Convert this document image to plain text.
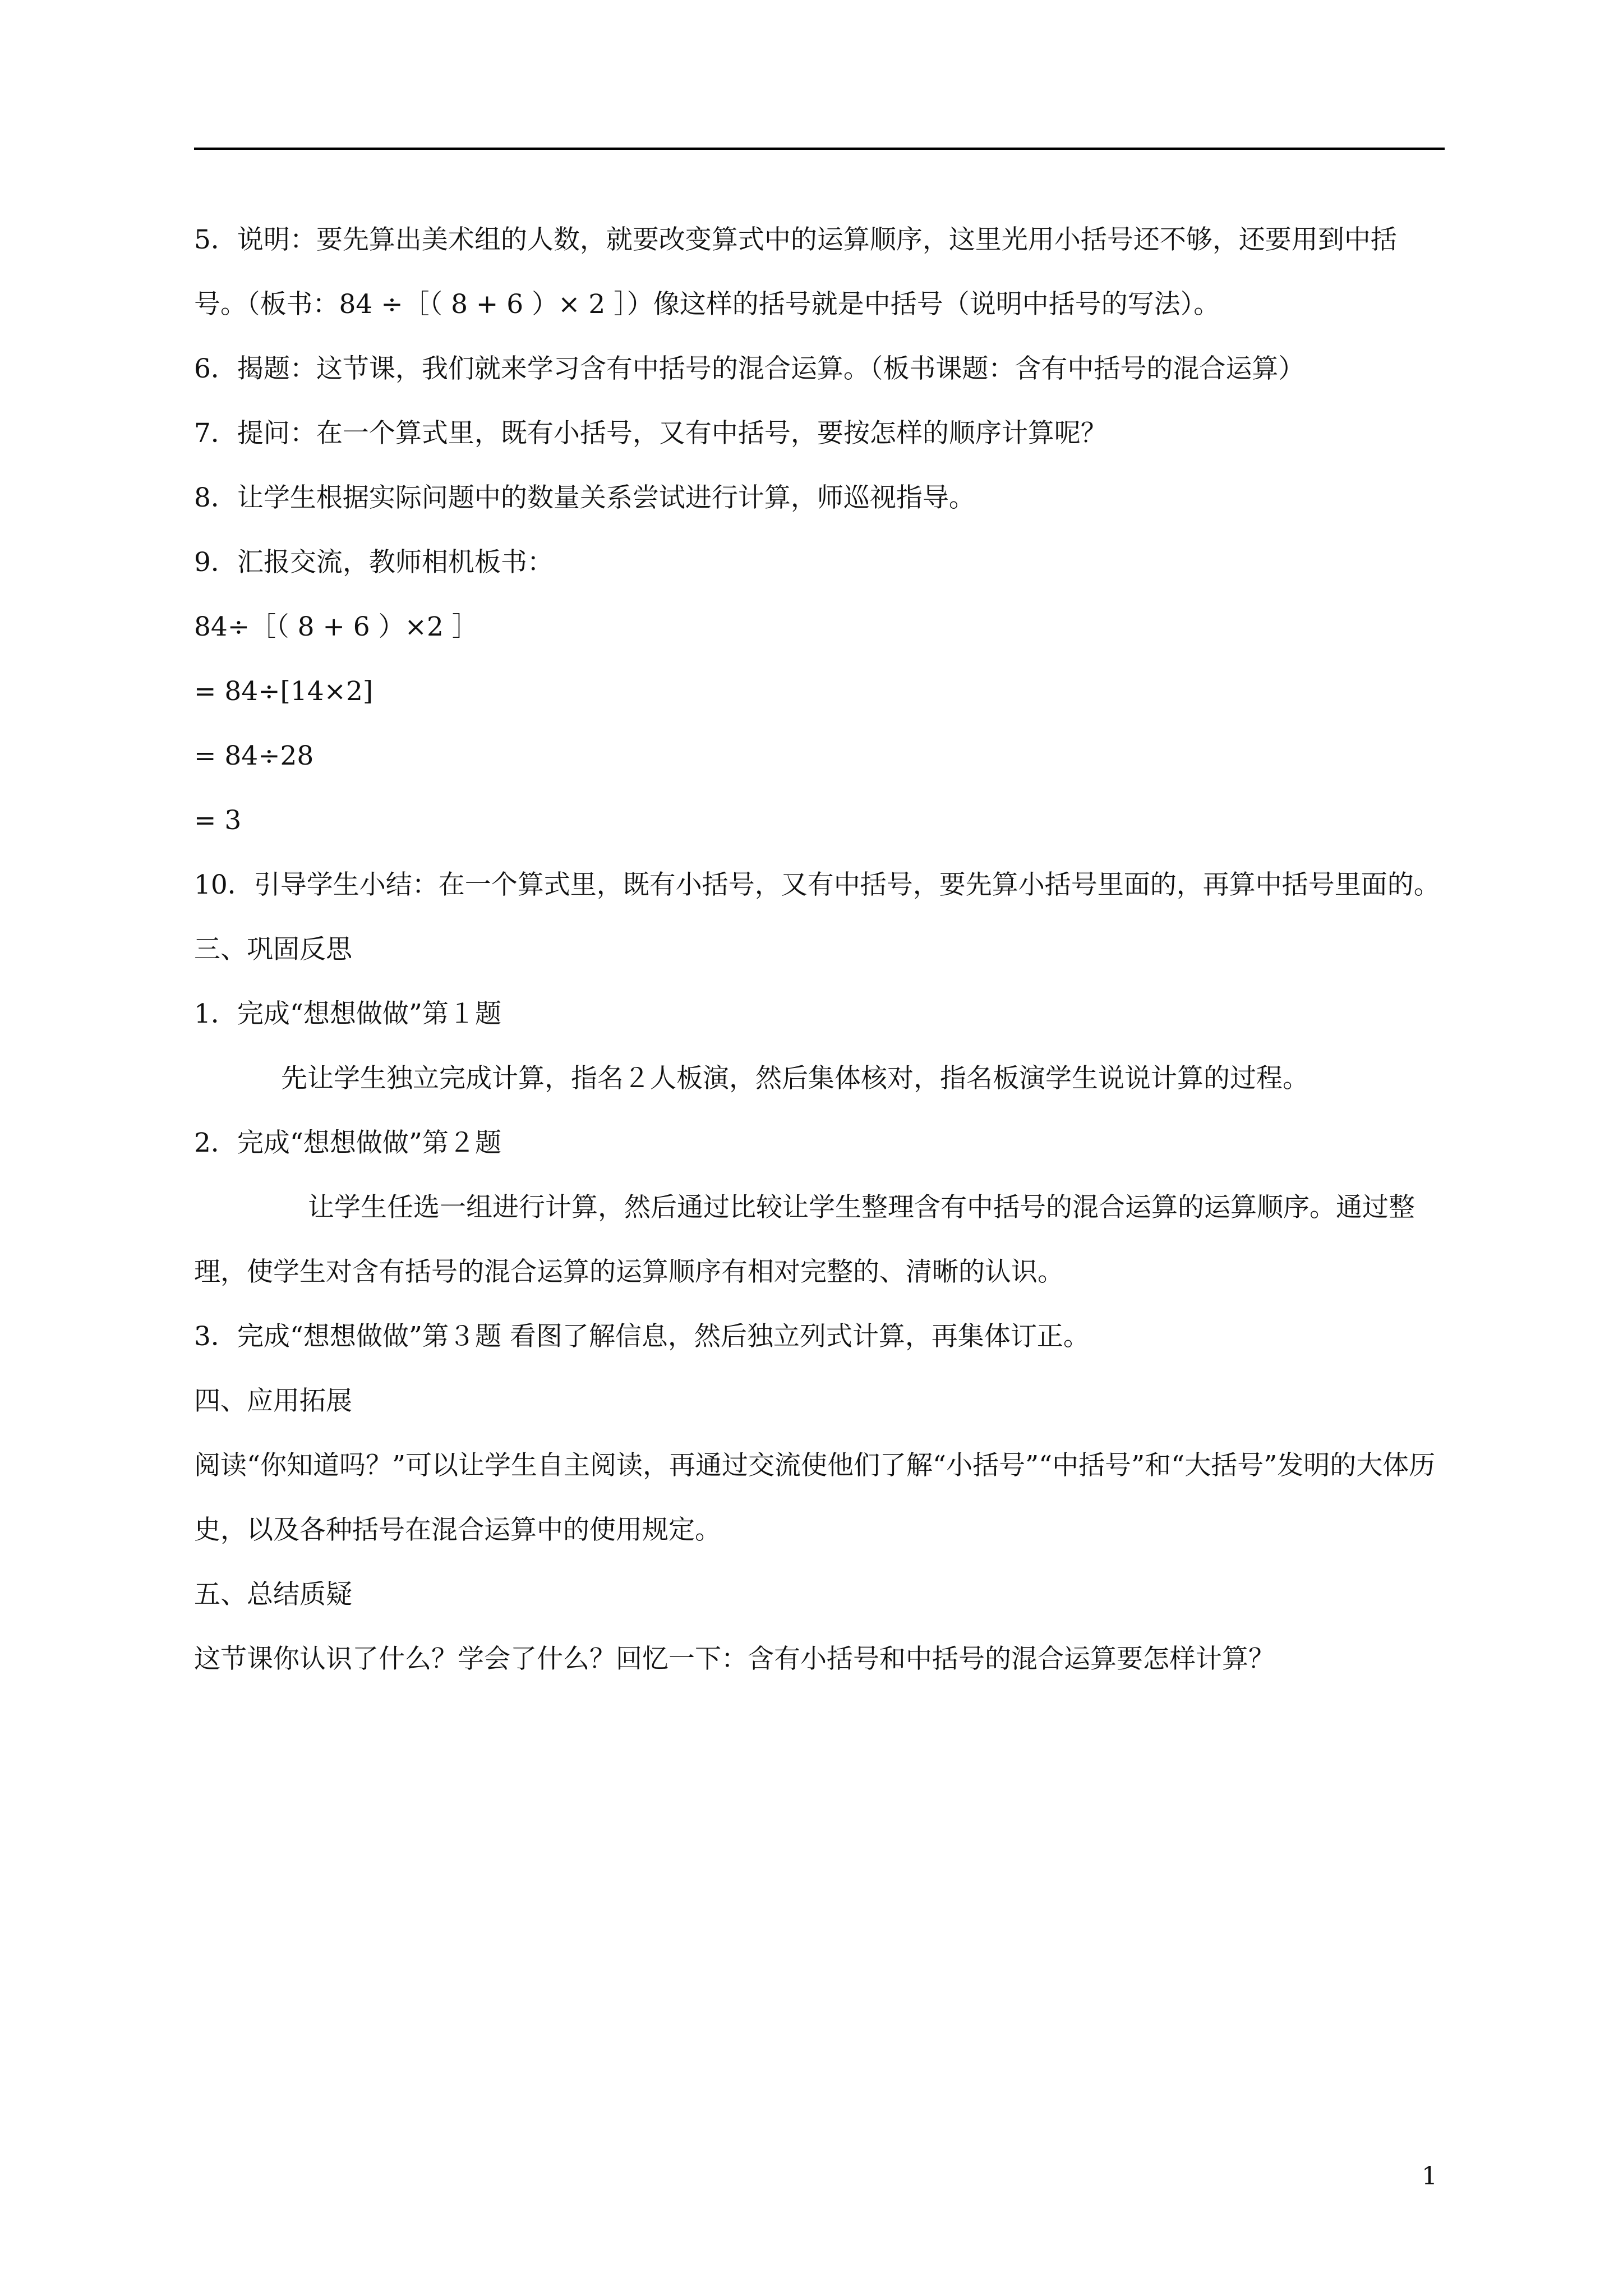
5．说明：要先算出美术组的人数，就要改变算式中的运算顺序，这里光用小括号还不够，还要用到中括号。（板书：84 ÷［（ 8 + 6 ）× 2 ］）像这样的括号就是中括号（说明中括号的写法）。

6．揭题：这节课，我们就来学习含有中括号的混合运算。（板书课题：含有中括号的混合运算）

7．提问：在一个算式里，既有小括号，又有中括号，要按怎样的顺序计算呢？

8．让学生根据实际问题中的数量关系尝试进行计算，师巡视指导。

9．汇报交流，教师相机板书：

84÷［（ 8 + 6 ）×2 ］

= 84÷[14×2]

= 84÷28

= 3

10．引导学生小结：在一个算式里，既有小括号，又有中括号，要先算小括号里面的，再算中括号里面的。

三、巩固反思

1．完成“想想做做”第１题

先让学生独立完成计算，指名２人板演，然后集体核对，指名板演学生说说计算的过程。

2．完成“想想做做”第２题

让学生任选一组进行计算，然后通过比较让学生整理含有中括号的混合运算的运算顺序。通过整理，使学生对含有括号的混合运算的运算顺序有相对完整的、清晰的认识。

3．完成“想想做做”第３题 看图了解信息，然后独立列式计算，再集体订正。

四、应用拓展

阅读“你知道吗？”可以让学生自主阅读，再通过交流使他们了解“小括号”“中括号”和“大括号”发明的大体历史，以及各种括号在混合运算中的使用规定。

五、总结质疑

这节课你认识了什么？学会了什么？回忆一下：含有小括号和中括号的混合运算要怎样计算？

1
